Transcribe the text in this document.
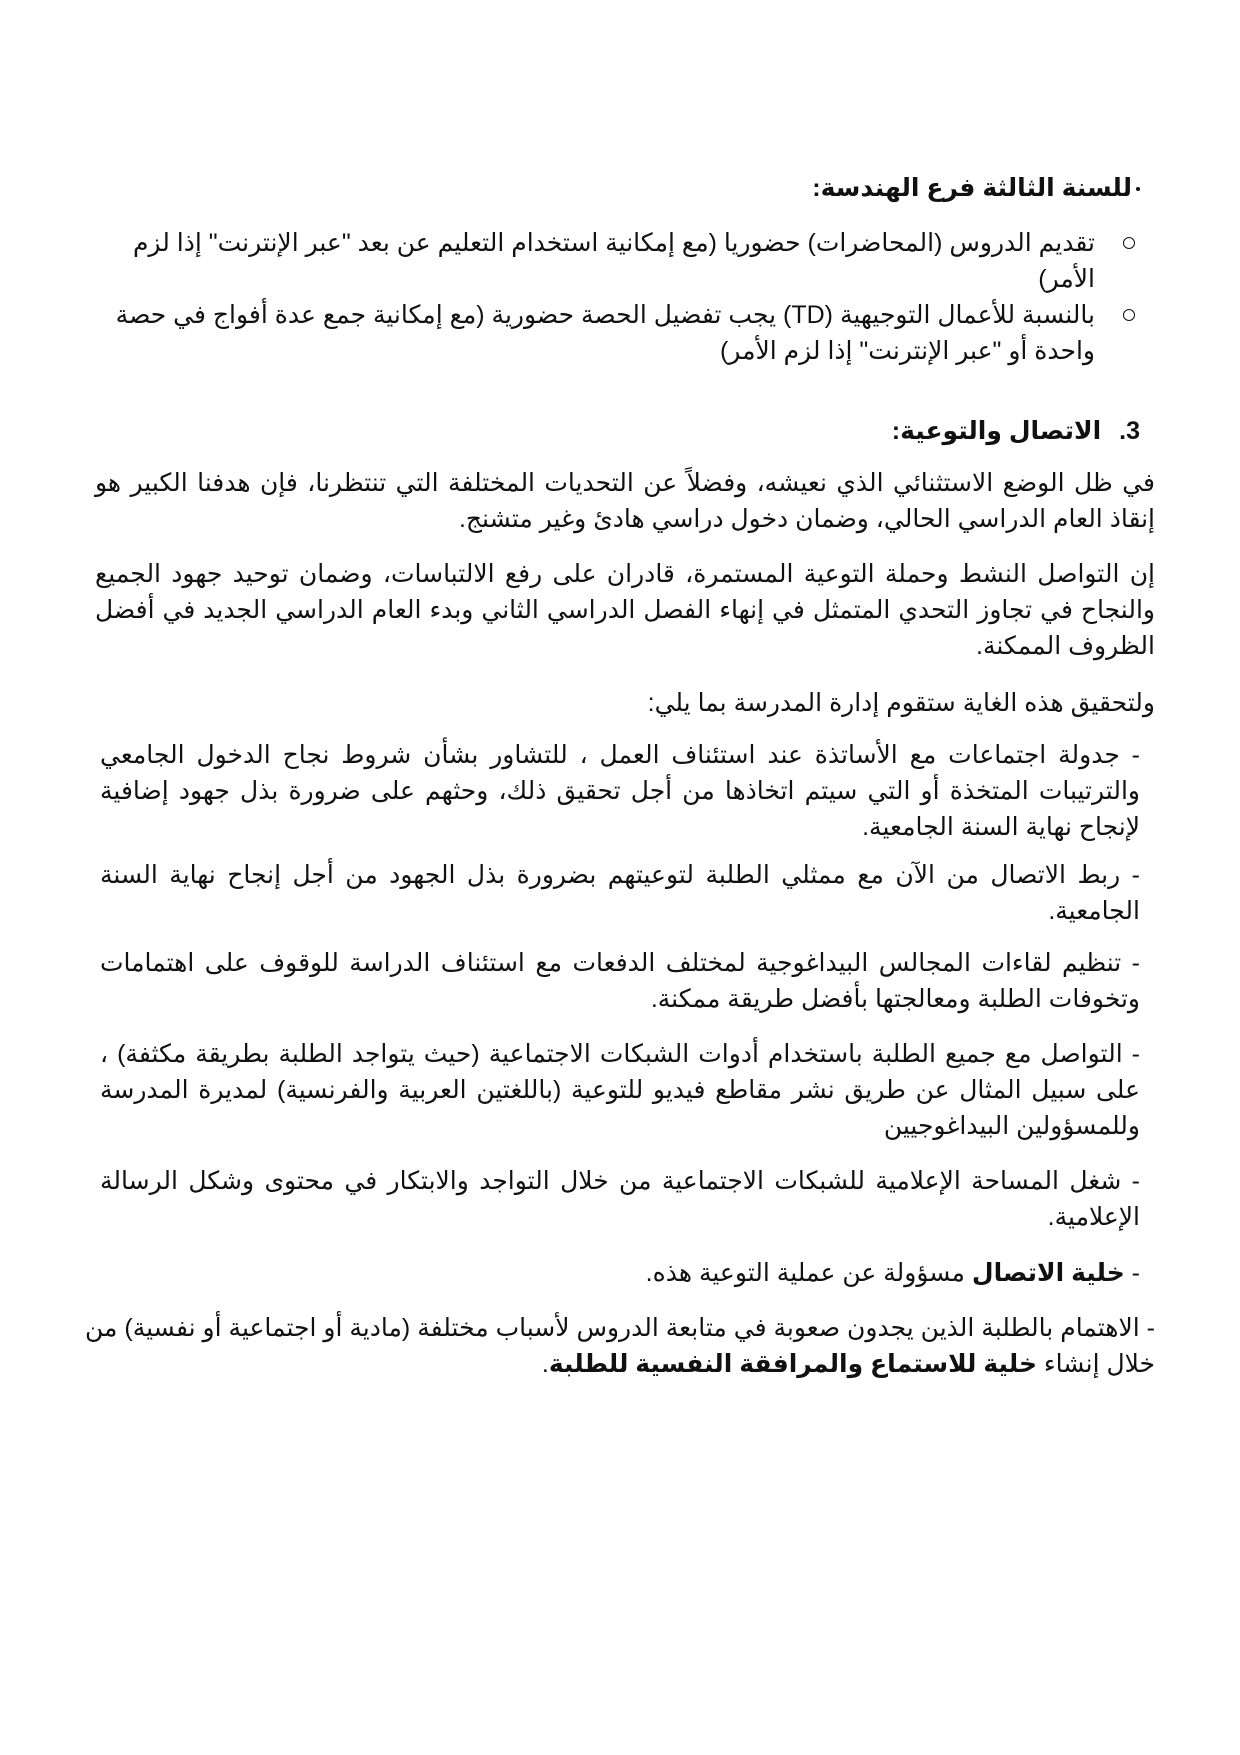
للسنة الثالثة فرع الهندسة:
تقديم الدروس (المحاضرات) حضوريا (مع إمكانية استخدام التعليم عن بعد "عبر الإنترنت" إذا لزم الأمر)
بالنسبة للأعمال التوجيهية (TD) يجب تفضيل الحصة حضورية (مع إمكانية جمع عدة أفواج في حصة واحدة أو "عبر الإنترنت" إذا لزم الأمر)
3.الاتصال والتوعية:
في ظل الوضع الاستثنائي الذي نعيشه، وفضلاً عن التحديات المختلفة التي تنتظرنا، فإن هدفنا الكبير هو إنقاذ العام الدراسي الحالي، وضمان دخول دراسي هادئ وغير متشنج.
إن التواصل النشط وحملة التوعية المستمرة، قادران على رفع الالتباسات، وضمان توحيد جهود الجميع والنجاح في تجاوز التحدي المتمثل في إنهاء الفصل الدراسي الثاني وبدء العام الدراسي الجديد في أفضل الظروف الممكنة.
ولتحقيق هذه الغاية ستقوم إدارة المدرسة بما يلي:
- جدولة اجتماعات مع الأساتذة عند استئناف العمل ، للتشاور بشأن شروط نجاح الدخول الجامعي والترتيبات المتخذة أو التي سيتم اتخاذها من أجل تحقيق ذلك، وحثهم على ضرورة بذل جهود إضافية لإنجاح نهاية السنة الجامعية.
- ربط الاتصال من الآن مع ممثلي الطلبة لتوعيتهم بضرورة بذل الجهود من أجل إنجاح نهاية السنة الجامعية.
- تنظيم لقاءات المجالس البيداغوجية لمختلف الدفعات مع استئناف الدراسة للوقوف على اهتمامات وتخوفات الطلبة ومعالجتها بأفضل طريقة ممكنة.
- التواصل مع جميع الطلبة باستخدام أدوات الشبكات الاجتماعية (حيث يتواجد الطلبة بطريقة مكثفة) ، على سبيل المثال عن طريق نشر مقاطع فيديو للتوعية (باللغتين العربية والفرنسية) لمديرة المدرسة وللمسؤولين البيداغوجيين
- شغل المساحة الإعلامية للشبكات الاجتماعية من خلال التواجد والابتكار في محتوى وشكل الرسالة الإعلامية.
- خلية الاتصال مسؤولة عن عملية التوعية هذه.
- الاهتمام بالطلبة الذين يجدون صعوبة في متابعة الدروس لأسباب مختلفة (مادية أو اجتماعية أو نفسية) من خلال إنشاء خلية للاستماع والمرافقة النفسية للطلبة.
